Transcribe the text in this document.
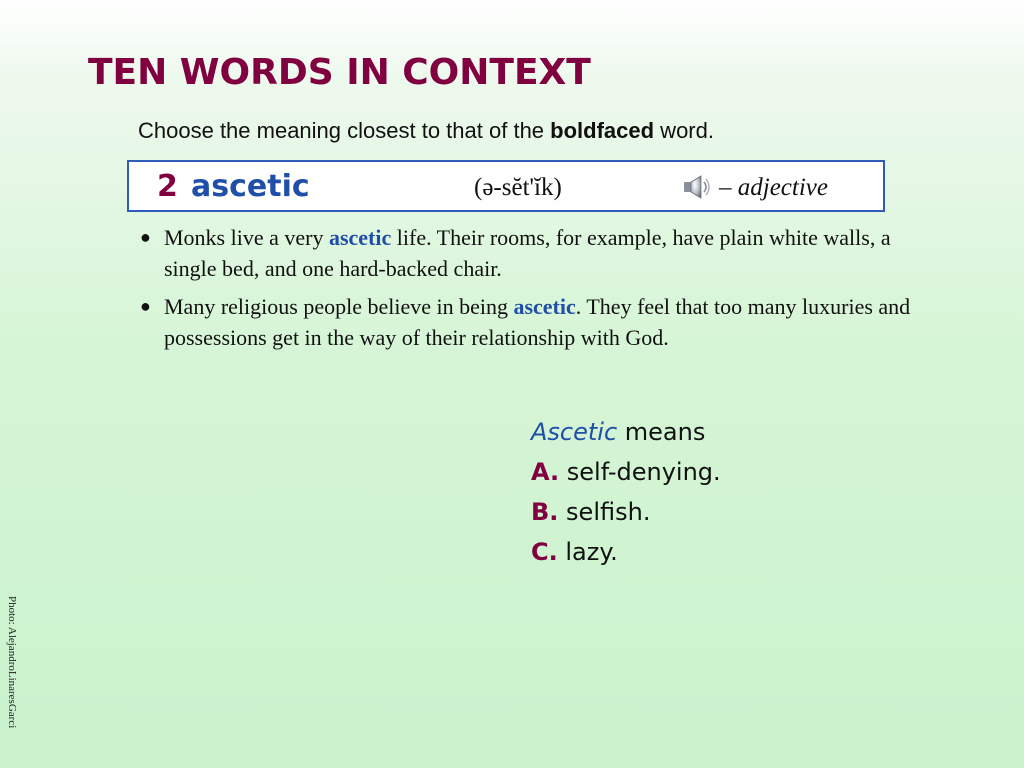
TEN WORDS IN CONTEXT
Choose the meaning closest to that of the boldfaced word.
2 ascetic	(ə-sĕt'ĭk)	– adjective
● Monks live a very ascetic life. Their rooms, for example, have plain white walls, a single bed, and one hard-backed chair.
● Many religious people believe in being ascetic. They feel that too many luxuries and possessions get in the way of their relationship with God.
Ascetic means
A. self-denying.
B. selfish.
C. lazy.
Photo: AlejandroLinaresGarci
